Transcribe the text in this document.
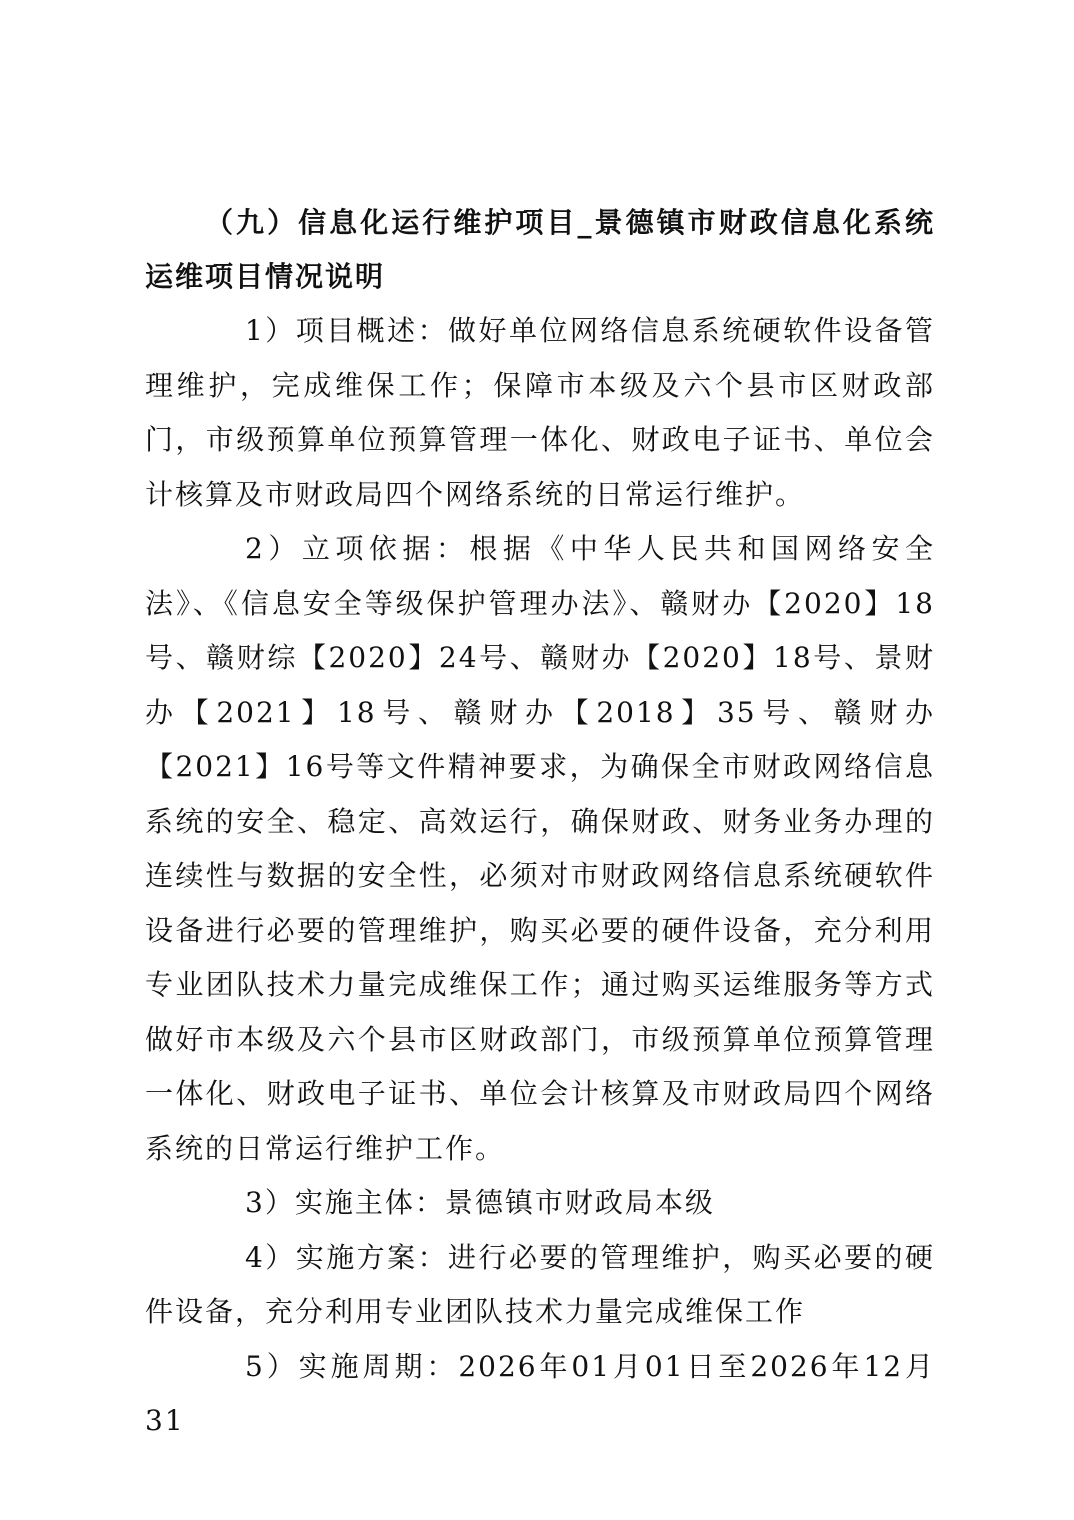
（九）信息化运行维护项目_景德镇市财政信息化系统运维项目情况说明

1）项目概述：做好单位网络信息系统硬软件设备管理维护，完成维保工作；保障市本级及六个县市区财政部门，市级预算单位预算管理一体化、财政电子证书、单位会计核算及市财政局四个网络系统的日常运行维护。

2）立项依据：根据《中华人民共和国网络安全法》、《信息安全等级保护管理办法》、赣财办【2020】18号、赣财综【2020】24号、赣财办【2020】18号、景财办【2021】18号、赣财办【2018】35号、赣财办【2021】16号等文件精神要求，为确保全市财政网络信息系统的安全、稳定、高效运行，确保财政、财务业务办理的连续性与数据的安全性，必须对市财政网络信息系统硬软件设备进行必要的管理维护，购买必要的硬件设备，充分利用专业团队技术力量完成维保工作；通过购买运维服务等方式做好市本级及六个县市区财政部门，市级预算单位预算管理一体化、财政电子证书、单位会计核算及市财政局四个网络系统的日常运行维护工作。

3）实施主体：景德镇市财政局本级

4）实施方案：进行必要的管理维护，购买必要的硬件设备，充分利用专业团队技术力量完成维保工作

5）实施周期：2026年01月01日至2026年12月31
